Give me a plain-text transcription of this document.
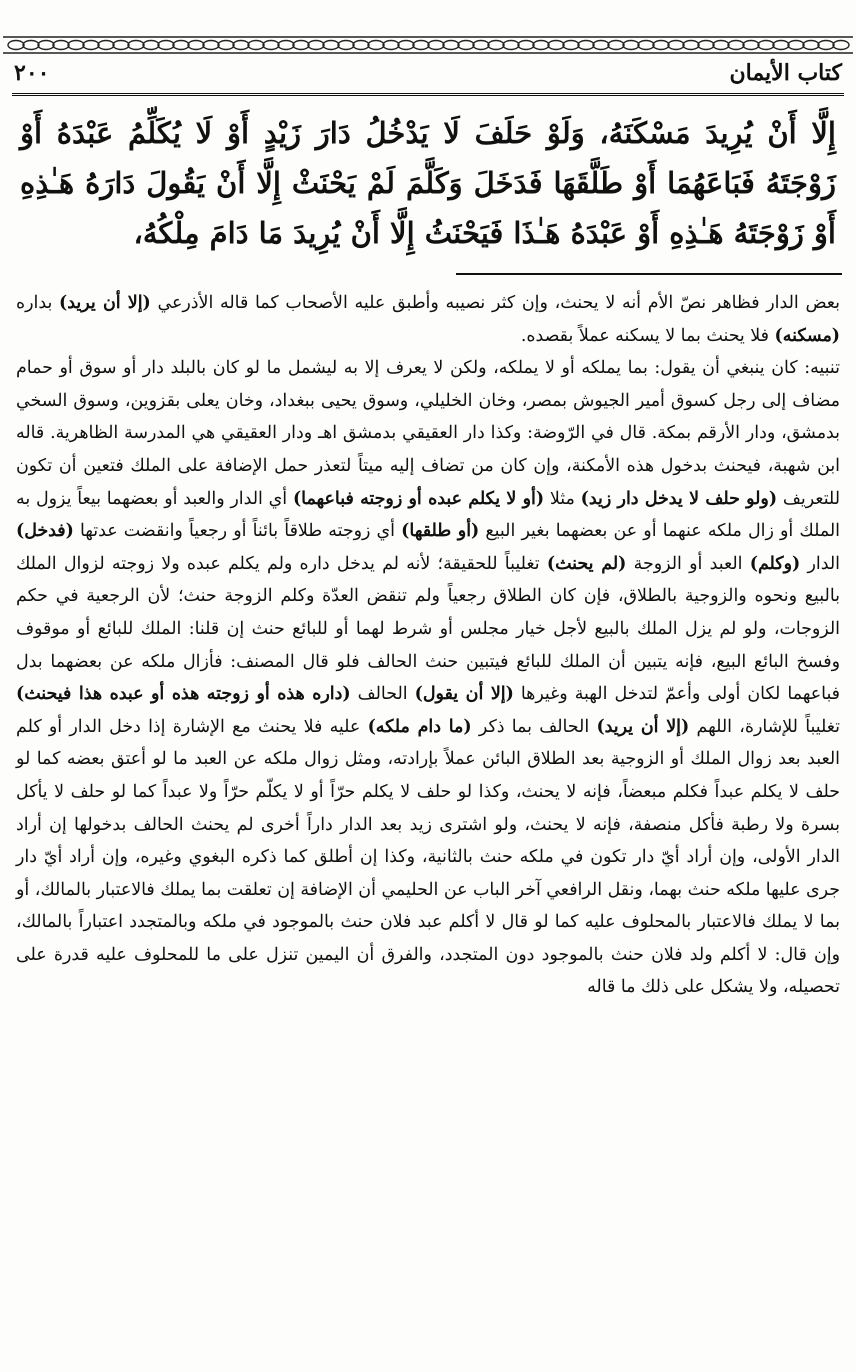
كتاب الأيمان
٢٠٠

إِلَّا أَنْ يُرِيدَ مَسْكَنَهُ، وَلَوْ حَلَفَ لَا يَدْخُلُ دَارَ زَيْدٍ أَوْ لَا يُكَلِّمُ عَبْدَهُ أَوْ زَوْجَتَهُ فَبَاعَهُمَا أَوْ طَلَّقَهَا فَدَخَلَ وَكَلَّمَ لَمْ يَحْنَثْ إِلَّا أَنْ يَقُولَ دَارَهُ هَـٰذِهِ أَوْ زَوْجَتَهُ هَـٰذِهِ أَوْ عَبْدَهُ هَـٰذَا فَيَحْنَثُ إِلَّا أَنْ يُرِيدَ مَا دَامَ مِلْكُهُ،

بعض الدار فظاهر نصّ الأم أنه لا يحنث، وإن كثر نصيبه وأطبق عليه الأصحاب كما قاله الأذرعي (إلا أن يريد) بداره (مسكنه) فلا يحنث بما لا يسكنه عملاً بقصده.

تنبيه: كان ينبغي أن يقول: بما يملكه أو لا يملكه، ولكن لا يعرف إلا به ليشمل ما لو كان بالبلد دار أو سوق أو حمام مضاف إلى رجل كسوق أمير الجيوش بمصر، وخان الخليلي، وسوق يحيى ببغداد، وخان يعلى بقزوين، وسوق السخي بدمشق، ودار الأرقم بمكة. قال في الرّوضة: وكذا دار العقيقي بدمشق اهـ ودار العقيقي هي المدرسة الظاهرية. قاله ابن شهبة، فيحنث بدخول هذه الأمكنة، وإن كان من تضاف إليه ميتاً لتعذر حمل الإضافة على الملك فتعين أن تكون للتعريف (ولو حلف لا يدخل دار زيد) مثلا (أو لا يكلم عبده أو زوجته فباعهما) أي الدار والعبد أو بعضهما بيعاً يزول به الملك أو زال ملكه عنهما أو عن بعضهما بغير البيع (أو طلقها) أي زوجته طلاقاً بائناً أو رجعياً وانقضت عدتها (فدخل) الدار (وكلم) العبد أو الزوجة (لم يحنث) تغليباً للحقيقة؛ لأنه لم يدخل داره ولم يكلم عبده ولا زوجته لزوال الملك بالبيع ونحوه والزوجية بالطلاق، فإن كان الطلاق رجعياً ولم تنقض العدّة وكلم الزوجة حنث؛ لأن الرجعية في حكم الزوجات، ولو لم يزل الملك بالبيع لأجل خيار مجلس أو شرط لهما أو للبائع حنث إن قلنا: الملك للبائع أو موقوف وفسخ البائع البيع، فإنه يتبين أن الملك للبائع فيتبين حنث الحالف فلو قال المصنف: فأزال ملكه عن بعضهما بدل فباعهما لكان أولى وأعمّ لتدخل الهبة وغيرها (إلا أن يقول) الحالف (داره هذه أو زوجته هذه أو عبده هذا فيحنث) تغليباً للإشارة، اللهم (إلا أن يريد) الحالف بما ذكر (ما دام ملكه) عليه فلا يحنث مع الإشارة إذا دخل الدار أو كلم العبد بعد زوال الملك أو الزوجية بعد الطلاق البائن عملاً بإرادته، ومثل زوال ملكه عن العبد ما لو أعتق بعضه كما لو حلف لا يكلم عبداً فكلم مبعضاً، فإنه لا يحنث، وكذا لو حلف لا يكلم حرّاً أو لا يكلّم حرّاً ولا عبداً كما لو حلف لا يأكل بسرة ولا رطبة فأكل منصفة، فإنه لا يحنث، ولو اشترى زيد بعد الدار داراً أخرى لم يحنث الحالف بدخولها إن أراد الدار الأولى، وإن أراد أيّ دار تكون في ملكه حنث بالثانية، وكذا إن أطلق كما ذكره البغوي وغيره، وإن أراد أيّ دار جرى عليها ملكه حنث بهما، ونقل الرافعي آخر الباب عن الحليمي أن الإضافة إن تعلقت بما يملك فالاعتبار بالمالك، أو بما لا يملك فالاعتبار بالمحلوف عليه كما لو قال لا أكلم عبد فلان حنث بالموجود في ملكه وبالمتجدد اعتباراً بالمالك، وإن قال: لا أكلم ولد فلان حنث بالموجود دون المتجدد، والفرق أن اليمين تنزل على ما للمحلوف عليه قدرة على تحصيله، ولا يشكل على ذلك ما قاله
